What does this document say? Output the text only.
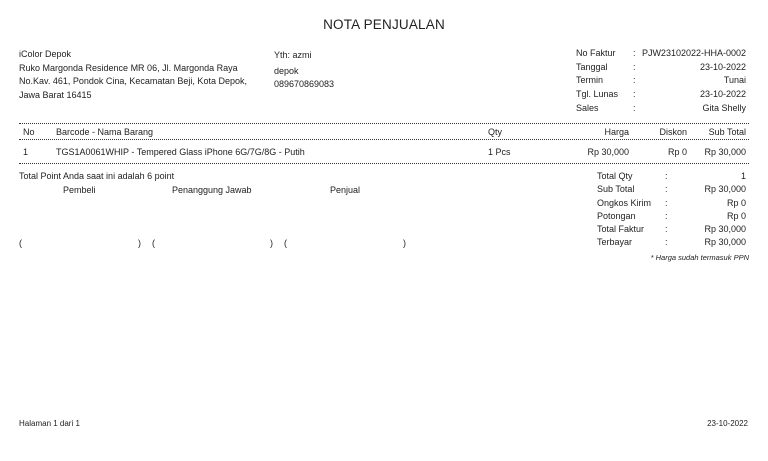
NOTA PENJUALAN
iColor Depok
Ruko Margonda Residence MR 06, Jl. Margonda Raya
No.Kav. 461, Pondok Cina, Kecamatan Beji, Kota Depok,
Jawa Barat 16415
Yth: azmi
depok
089670869083
No Faktur	:	PJW23102022-HHA-0002
Tanggal	:	23-10-2022
Termin	:	Tunai
Tgl. Lunas	:	23-10-2022
Sales	:	Gita Shelly
No	Barcode - Nama Barang	Qty	Harga	Diskon	Sub Total

1	TGS1A0061WHIP - Tempered Glass iPhone 6G/7G/8G - Putih	1 Pcs	Rp 30,000	Rp 0	Rp 30,000
Total Point Anda saat ini adalah 6 point
Pembeli	Penanggung Jawab	Penjual
(	) (	) (	)
Total Qty	:	1
Sub Total	:	Rp 30,000
Ongkos Kirim	:	Rp 0
Potongan	:	Rp 0
Total Faktur	:	Rp 30,000
Terbayar	:	Rp 30,000
* Harga sudah termasuk PPN
Halaman 1 dari 1	23-10-2022
